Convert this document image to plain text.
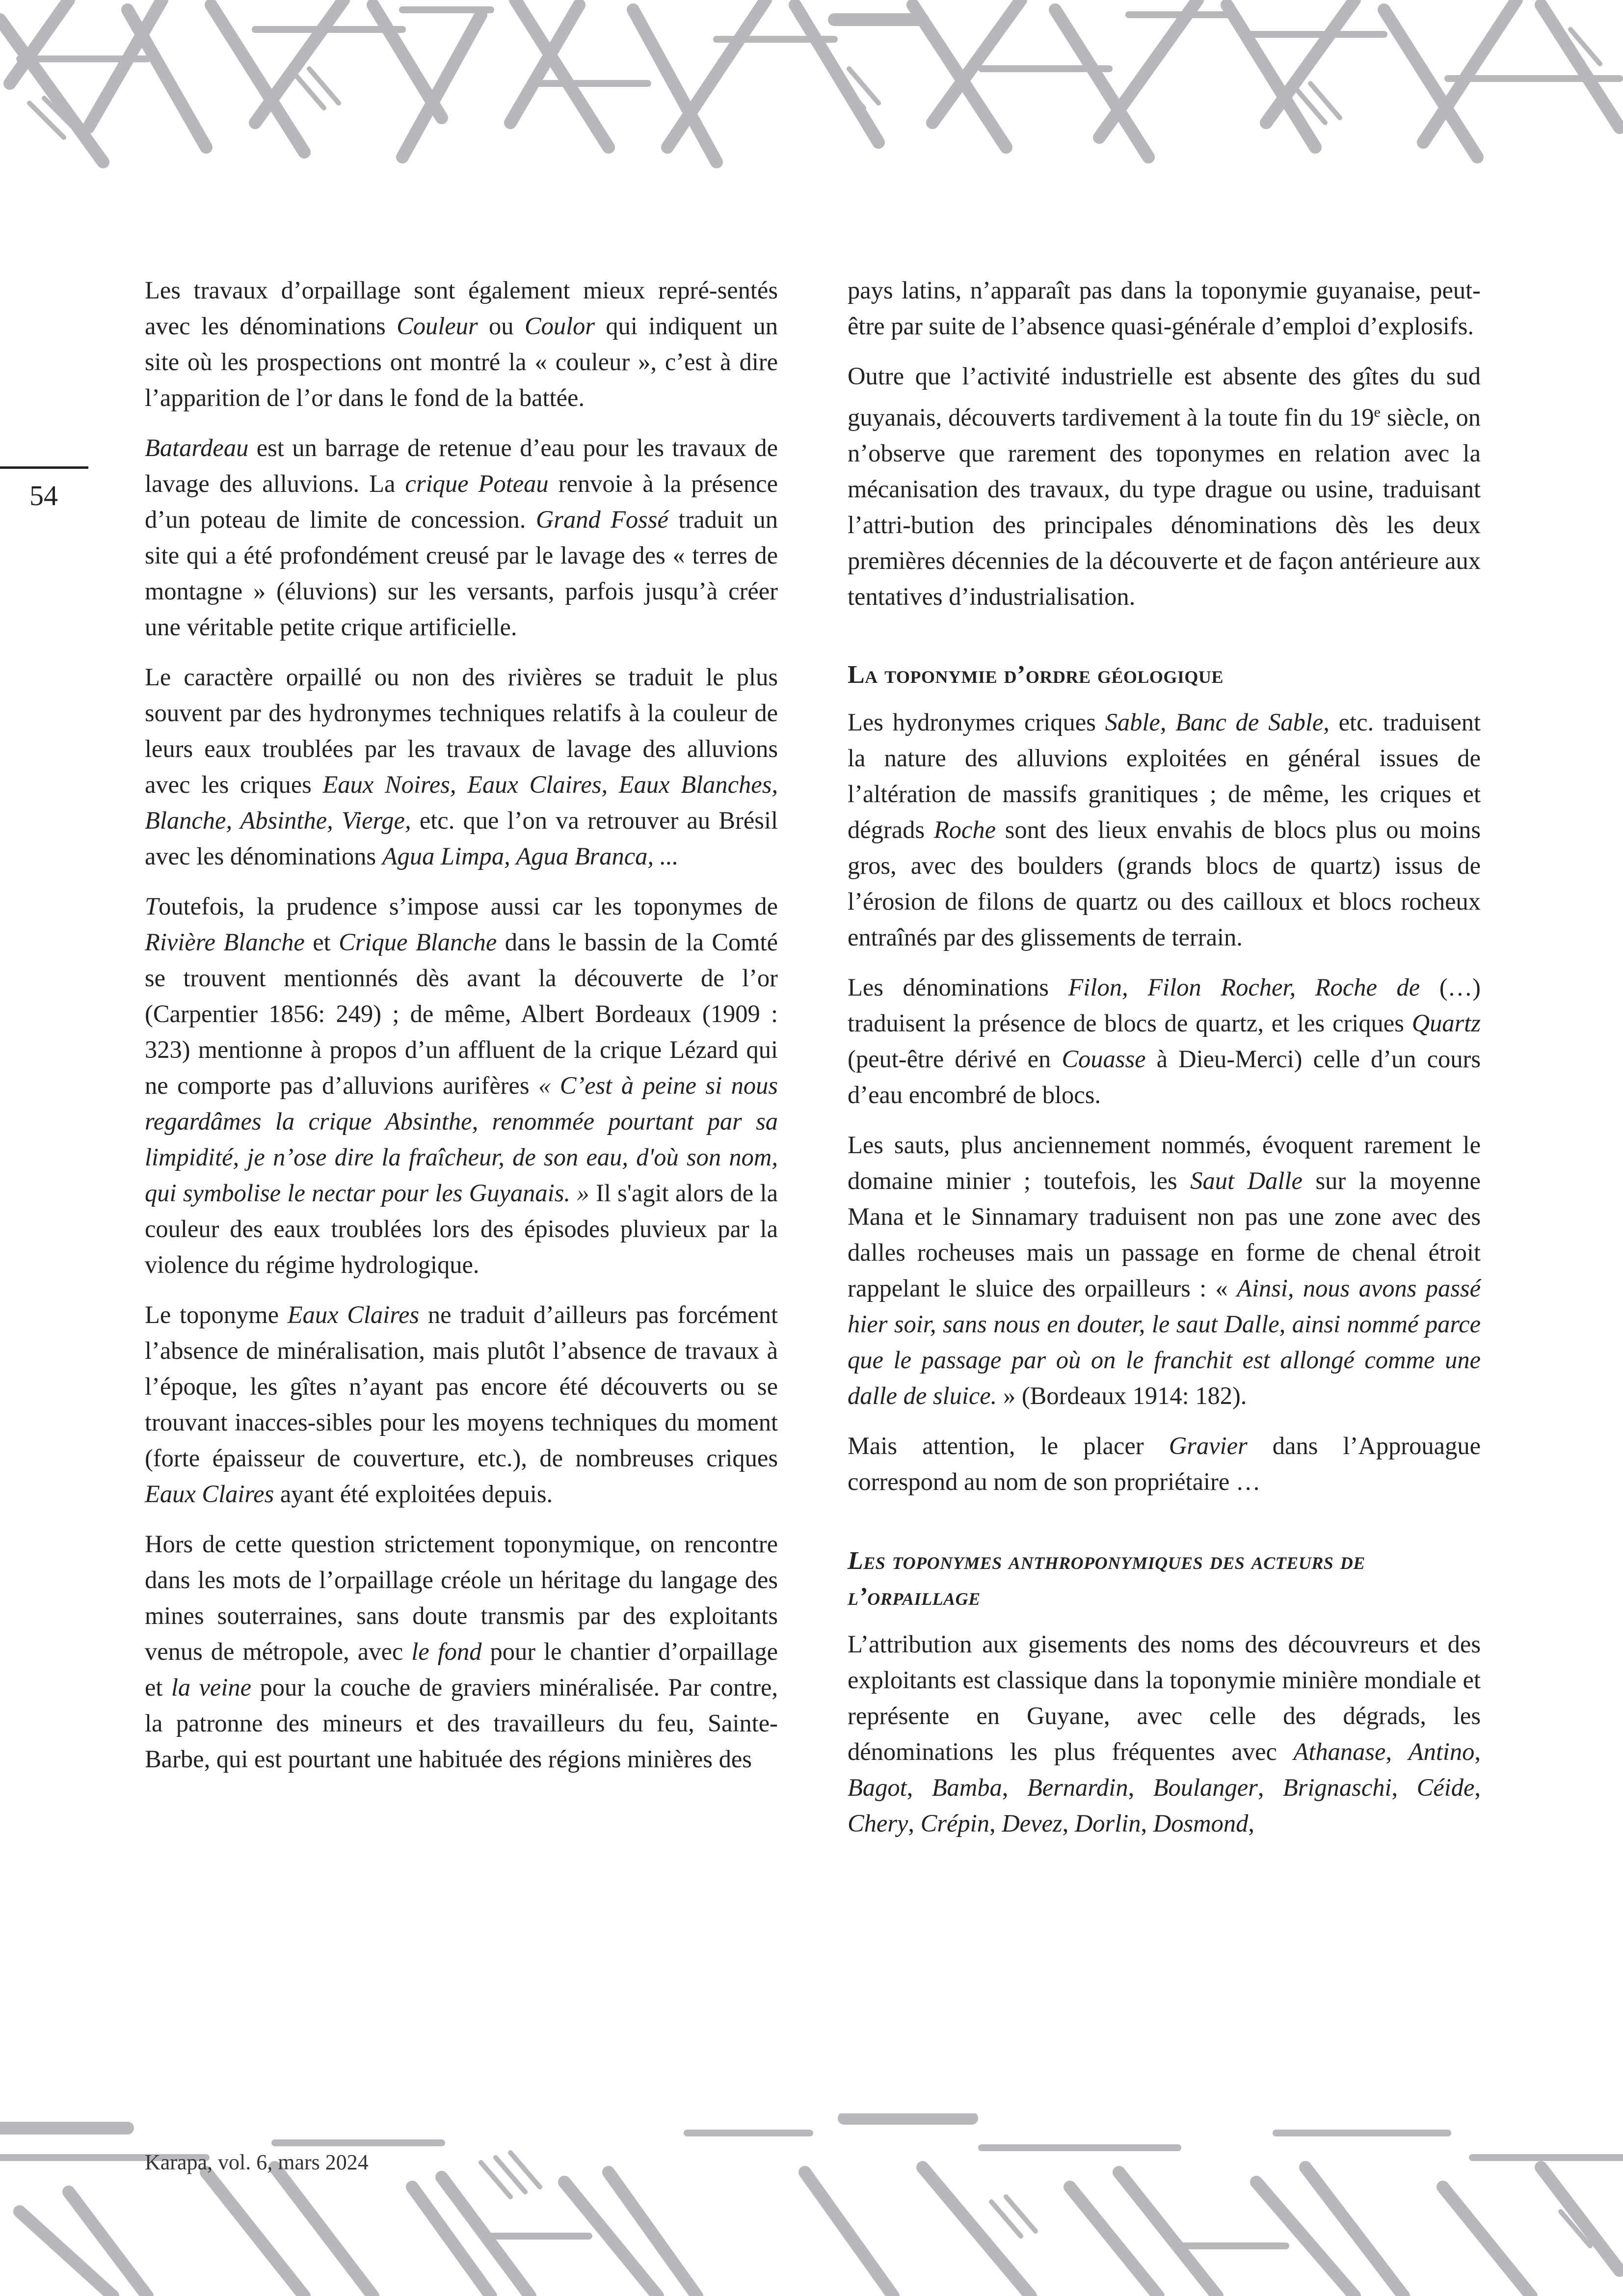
54

Les travaux d’orpaillage sont également mieux repré-sentés avec les dénominations Couleur ou Coulor qui indiquent un site où les prospections ont montré la « couleur », c’est à dire l’apparition de l’or dans le fond de la battée.

Batardeau est un barrage de retenue d’eau pour les travaux de lavage des alluvions. La crique Poteau renvoie à la présence d’un poteau de limite de concession. Grand Fossé traduit un site qui a été profondément creusé par le lavage des « terres de montagne » (éluvions) sur les versants, parfois jusqu’à créer une véritable petite crique artificielle.

Le caractère orpaillé ou non des rivières se traduit le plus souvent par des hydronymes techniques relatifs à la couleur de leurs eaux troublées par les travaux de lavage des alluvions avec les criques Eaux Noires, Eaux Claires, Eaux Blanches, Blanche, Absinthe, Vierge, etc. que l’on va retrouver au Brésil avec les dénominations Agua Limpa, Agua Branca, ...

Toutefois, la prudence s’impose aussi car les toponymes de Rivière Blanche et Crique Blanche dans le bassin de la Comté se trouvent mentionnés dès avant la découverte de l’or (Carpentier 1856: 249) ; de même, Albert Bordeaux (1909 : 323) mentionne à propos d’un affluent de la crique Lézard qui ne comporte pas d’alluvions aurifères « C’est à peine si nous regardâmes la crique Absinthe, renommée pourtant par sa limpidité, je n’ose dire la fraîcheur, de son eau, d'où son nom, qui symbolise le nectar pour les Guyanais. » Il s'agit alors de la couleur des eaux troublées lors des épisodes pluvieux par la violence du régime hydrologique.

Le toponyme Eaux Claires ne traduit d’ailleurs pas forcément l’absence de minéralisation, mais plutôt l’absence de travaux à l’époque, les gîtes n’ayant pas encore été découverts ou se trouvant inacces-sibles pour les moyens techniques du moment (forte épaisseur de couverture, etc.), de nombreuses criques Eaux Claires ayant été exploitées depuis.

Hors de cette question strictement toponymique, on rencontre dans les mots de l’orpaillage créole un héritage du langage des mines souterraines, sans doute transmis par des exploitants venus de métropole, avec le fond pour le chantier d’orpaillage et la veine pour la couche de graviers minéralisée. Par contre, la patronne des mineurs et des travailleurs du feu, Sainte-Barbe, qui est pourtant une habituée des régions minières des

pays latins, n’apparaît pas dans la toponymie guyanaise, peut-être par suite de l’absence quasi-générale d’emploi d’explosifs.

Outre que l’activité industrielle est absente des gîtes du sud guyanais, découverts tardivement à la toute fin du 19e siècle, on n’observe que rarement des toponymes en relation avec la mécanisation des travaux, du type drague ou usine, traduisant l’attri-bution des principales dénominations dès les deux premières décennies de la découverte et de façon antérieure aux tentatives d’industrialisation.

La toponymie d’ordre géologique

Les hydronymes criques Sable, Banc de Sable, etc. traduisent la nature des alluvions exploitées en général issues de l’altération de massifs granitiques ; de même, les criques et dégrads Roche sont des lieux envahis de blocs plus ou moins gros, avec des boulders (grands blocs de quartz) issus de l’érosion de filons de quartz ou des cailloux et blocs rocheux entraînés par des glissements de terrain.

Les dénominations Filon, Filon Rocher, Roche de (…) traduisent la présence de blocs de quartz, et les criques Quartz (peut-être dérivé en Couasse à Dieu-Merci) celle d’un cours d’eau encombré de blocs.

Les sauts, plus anciennement nommés, évoquent rarement le domaine minier ; toutefois, les Saut Dalle sur la moyenne Mana et le Sinnamary traduisent non pas une zone avec des dalles rocheuses mais un passage en forme de chenal étroit rappelant le sluice des orpailleurs : « Ainsi, nous avons passé hier soir, sans nous en douter, le saut Dalle, ainsi nommé parce que le passage par où on le franchit est allongé comme une dalle de sluice. » (Bordeaux 1914: 182).

Mais attention, le placer Gravier dans l’Approuague correspond au nom de son propriétaire …

Les toponymes anthroponymiques des acteurs de l’orpaillage

L’attribution aux gisements des noms des découvreurs et des exploitants est classique dans la toponymie minière mondiale et représente en Guyane, avec celle des dégrads, les dénominations les plus fréquentes avec Athanase, Antino, Bagot, Bamba, Bernardin, Boulanger, Brignaschi, Céide, Chery, Crépin, Devez, Dorlin, Dosmond,

Karapa, vol. 6, mars 2024
